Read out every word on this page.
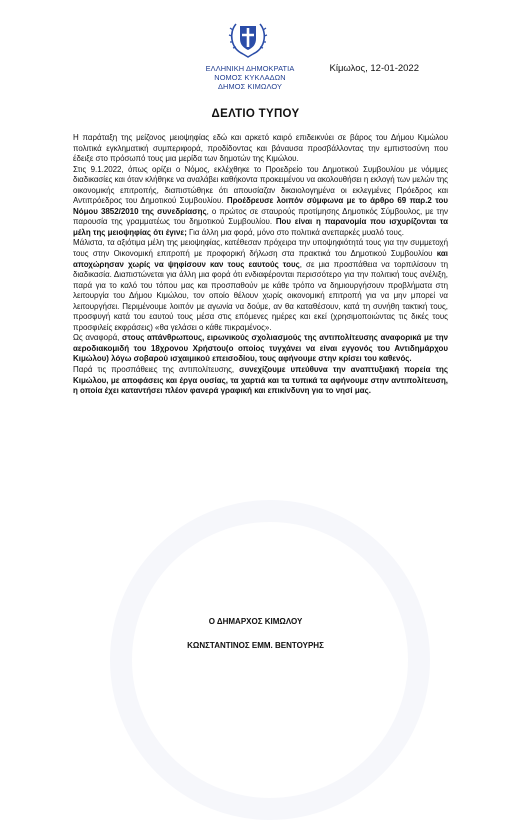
ΕΛΛΗΝΙΚΗ ΔΗΜΟΚΡΑΤΙΑ
ΝΟΜΟΣ ΚΥΚΛΑΔΩΝ
ΔΗΜΟΣ ΚΙΜΩΛΟΥ
Κίμωλος, 12-01-2022
ΔΕΛΤΙΟ ΤΥΠΟΥ

Η παράταξη της μείζονος μειοψηφίας εδώ και αρκετό καιρό επιδεικνύει σε βάρος του Δήμου Κιμώλου πολιτικά εγκληματική συμπεριφορά, προδίδοντας και βάναυσα προσβάλλοντας την εμπιστοσύνη που έδειξε στο πρόσωπό τους μια μερίδα των δημοτών της Κιμώλου.

Στις 9.1.2022, όπως ορίζει ο Νόμος, εκλέχθηκε το Προεδρείο του Δημοτικού Συμβουλίου με νόμιμες διαδικασίες και όταν κλήθηκε να αναλάβει καθήκοντα προκειμένου να ακολουθήσει η εκλογή των μελών της οικονομικής επιτροπής, διαπιστώθηκε ότι απουσίαζαν δικαιολογημένα οι εκλεγμένες Πρόεδρος και Αντιπρόεδρος του Δημοτικού Συμβουλίου. Προέδρευσε λοιπόν σύμφωνα με το άρθρο 69 παρ.2 του Νόμου 3852/2010 της συνεδρίασης, ο πρώτος σε σταυρούς προτίμησης Δημοτικός Σύμβουλος, με την παρουσία της γραμματέως του δημοτικού Συμβουλίου. Που είναι η παρανομία που ισχυρίζονται τα μέλη της μειοψηφίας ότι έγινε; Για άλλη μια φορά, μόνο στο πολιτικά ανεπαρκές μυαλό τους.

Μάλιστα, τα αξιότιμα μέλη της μειοψηφίας, κατέθεσαν πρόχειρα την υποψηφιότητά τους για την συμμετοχή τους στην Οικονομική επιτροπή με προφορική δήλωση στα πρακτικά του Δημοτικού Συμβουλίου και αποχώρησαν χωρίς να ψηφίσουν καν τους εαυτούς τους, σε μια προσπάθεια να τορπιλίσουν τη διαδικασία. Διαπιστώνεται για άλλη μια φορά ότι ενδιαφέρονται περισσότερο για την πολιτική τους ανέλιξη, παρά για το καλό του τόπου μας και προσπαθούν με κάθε τρόπο να δημιουργήσουν προβλήματα στη λειτουργία του Δήμου Κιμώλου, τον οποίο θέλουν χωρίς οικονομική επιτροπή για να μην μπορεί να λειτουργήσει. Περιμένουμε λοιπόν με αγωνία να δούμε, αν θα καταθέσουν, κατά τη συνήθη τακτική τους, προσφυγή κατά του εαυτού τους μέσα στις επόμενες ημέρες και εκεί (χρησιμοποιώντας τις δικές τους προσφιλείς εκφράσεις) «θα γελάσει ο κάθε πικραμένος».

Ως αναφορά, στους απάνθρωπους, ειρωνικούς σχολιασμούς της αντιπολίτευσης αναφορικά με την αεροδιακομιδή του 18χρονου Χρήστου(ο οποίος τυγχάνει να είναι εγγονός του Αντιδημάρχου Κιμώλου) λόγω σοβαρού ισχαιμικού επεισοδίου, τους αφήνουμε στην κρίσει του καθενός.

Παρά τις προσπάθειες της αντιπολίτευσης, συνεχίζουμε υπεύθυνα την αναπτυξιακή πορεία της Κιμώλου, με αποφάσεις και έργα ουσίας, τα χαρτιά και τα τυπικά τα αφήνουμε στην αντιπολίτευση, η οποία έχει καταντήσει πλέον φανερά γραφική και επικίνδυνη για το νησί μας.

Ο ΔΗΜΑΡΧΟΣ ΚΙΜΩΛΟΥ
ΚΩΝΣΤΑΝΤΙΝΟΣ ΕΜΜ. ΒΕΝΤΟΥΡΗΣ
